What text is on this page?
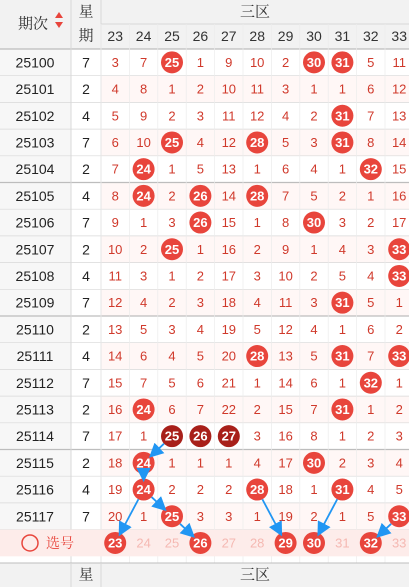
期次
星
期
三区
23 24 25 26 27 28 29 30 31 32 33
25100 7 3 7 25 1 9 10 2 30 31 5 11
25101 2 4 8 1 2 10 11 3 1 1 6 12
25102 4 5 9 2 3 11 12 4 2 31 7 13
25103 7 6 10 25 4 12 28 5 3 31 8 14
25104 2 7 24 1 5 13 1 6 4 1 32 15
25105 4 8 24 2 26 14 28 7 5 2 1 16
25106 7 9 1 3 26 15 1 8 30 3 2 17
25107 2 10 2 25 1 16 2 9 1 4 3 33
25108 4 11 3 1 2 17 3 10 2 5 4 33
25109 7 12 4 2 3 18 4 11 3 31 5 1
25110 2 13 5 3 4 19 5 12 4 1 6 2
25111 4 14 6 4 5 20 28 13 5 31 7 33
25112 7 15 7 5 6 21 1 14 6 1 32 1
25113 2 16 24 6 7 22 2 15 7 31 1 2
25114 7 17 1 25 26 27 3 16 8 1 2 3
25115 2 18 24 1 1 1 4 17 30 2 3 4
25116 4 19 24 2 2 2 28 18 1 31 4 5
25117 7 20 1 25 3 3 1 19 2 1 5 33
选号	23 24 25 26 27 28 29 30 31 32 33
星	三区
